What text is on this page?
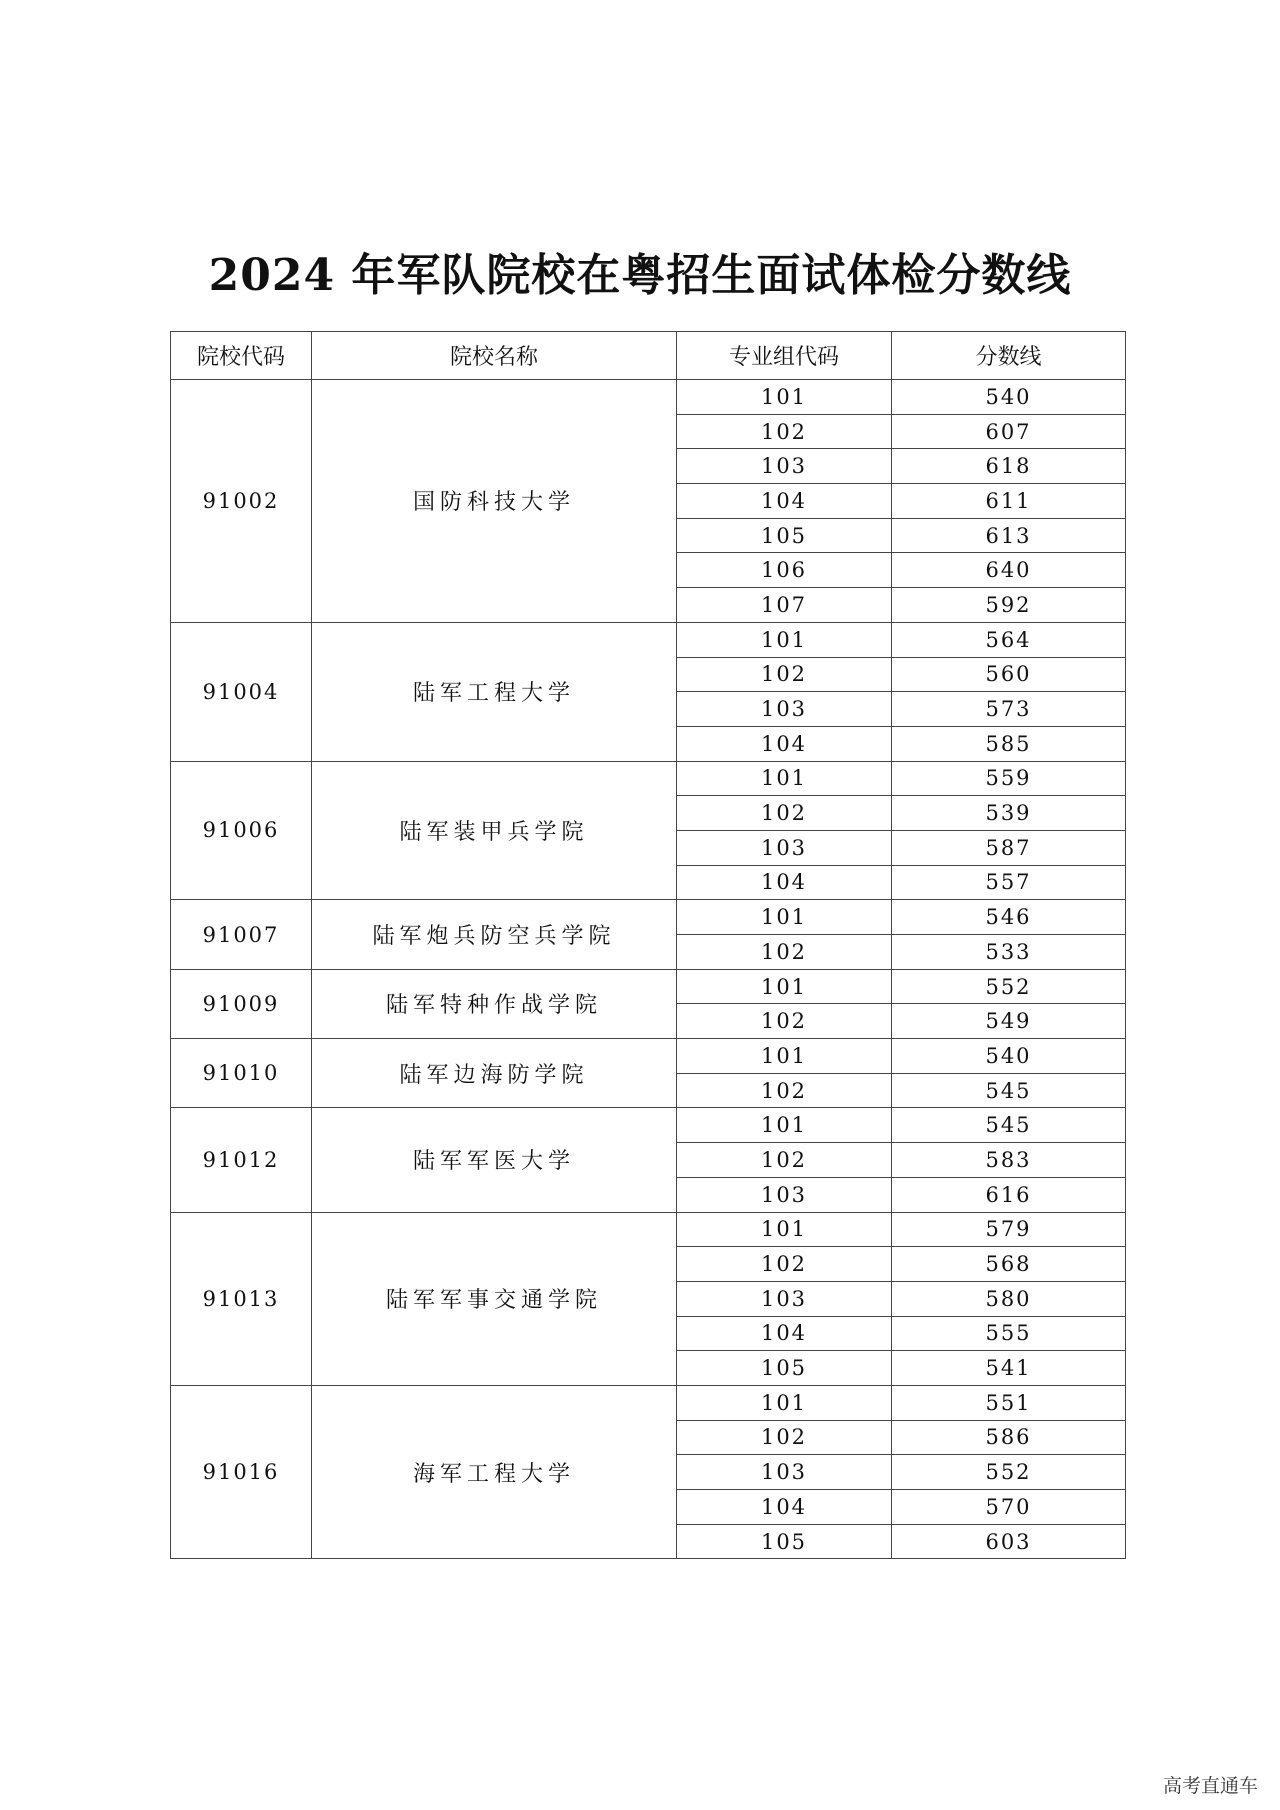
2024 年军队院校在粤招生面试体检分数线
院校代码	院校名称	专业组代码	分数线
91002	国防科技大学	101	540
		102	607
		103	618
		104	611
		105	613
		106	640
		107	592
91004	陆军工程大学	101	564
		102	560
		103	573
		104	585
91006	陆军装甲兵学院	101	559
		102	539
		103	587
		104	557
91007	陆军炮兵防空兵学院	101	546
		102	533
91009	陆军特种作战学院	101	552
		102	549
91010	陆军边海防学院	101	540
		102	545
91012	陆军军医大学	101	545
		102	583
		103	616
91013	陆军军事交通学院	101	579
		102	568
		103	580
		104	555
		105	541
91016	海军工程大学	101	551
		102	586
		103	552
		104	570
		105	603
高考直通车
